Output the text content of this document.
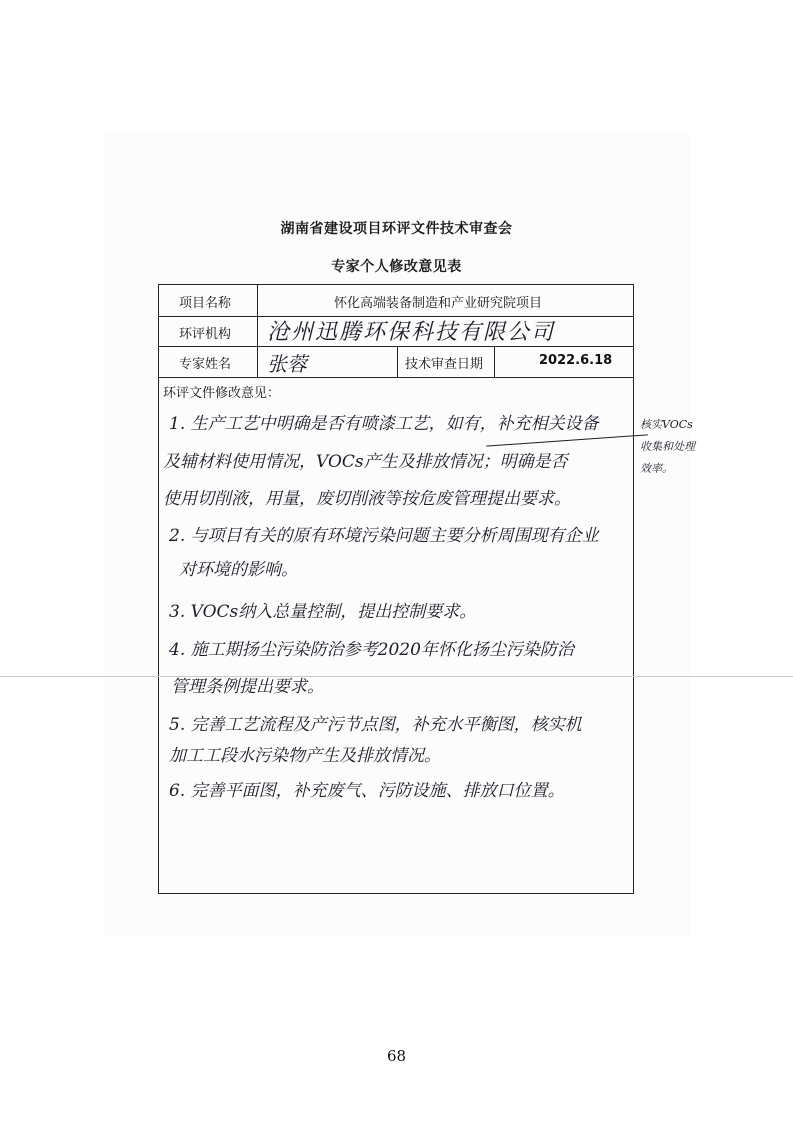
湖南省建设项目环评文件技术审查会
专家个人修改意见表
项目名称	怀化高端装备制造和产业研究院项目
环评机构 沧州迅腾环保科技有限公司
专家姓名 张蓉	技术审查日期	2022.6.18
环评文件修改意见：
1. 生产工艺中明确是否有喷漆工艺，如有，补充相关设备
及辅材料使用情况，VOCs产生及排放情况；明确是否
使用切削液，用量，废切削液等按危废管理提出要求。
2. 与项目有关的原有环境污染问题主要分析周围现有企业
对环境的影响。
3. VOCs纳入总量控制，提出控制要求。
4. 施工期扬尘污染防治参考2020年怀化扬尘污染防治
管理条例提出要求。
5. 完善工艺流程及产污节点图，补充水平衡图，核实机
加工工段水污染物产生及排放情况。
6. 完善平面图，补充废气、污防设施、排放口位置。
核实VOCs
收集和处理
效率。
68
